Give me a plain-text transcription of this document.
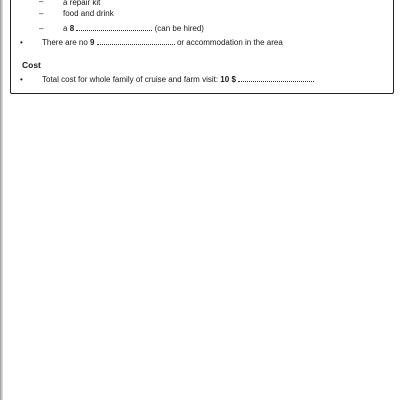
– a repair kit
– food and drink
– a 8	(can be hired)
• There are no 9	or accommodation in the area
Cost
• Total cost for whole family of cruise and farm visit: 10 $
